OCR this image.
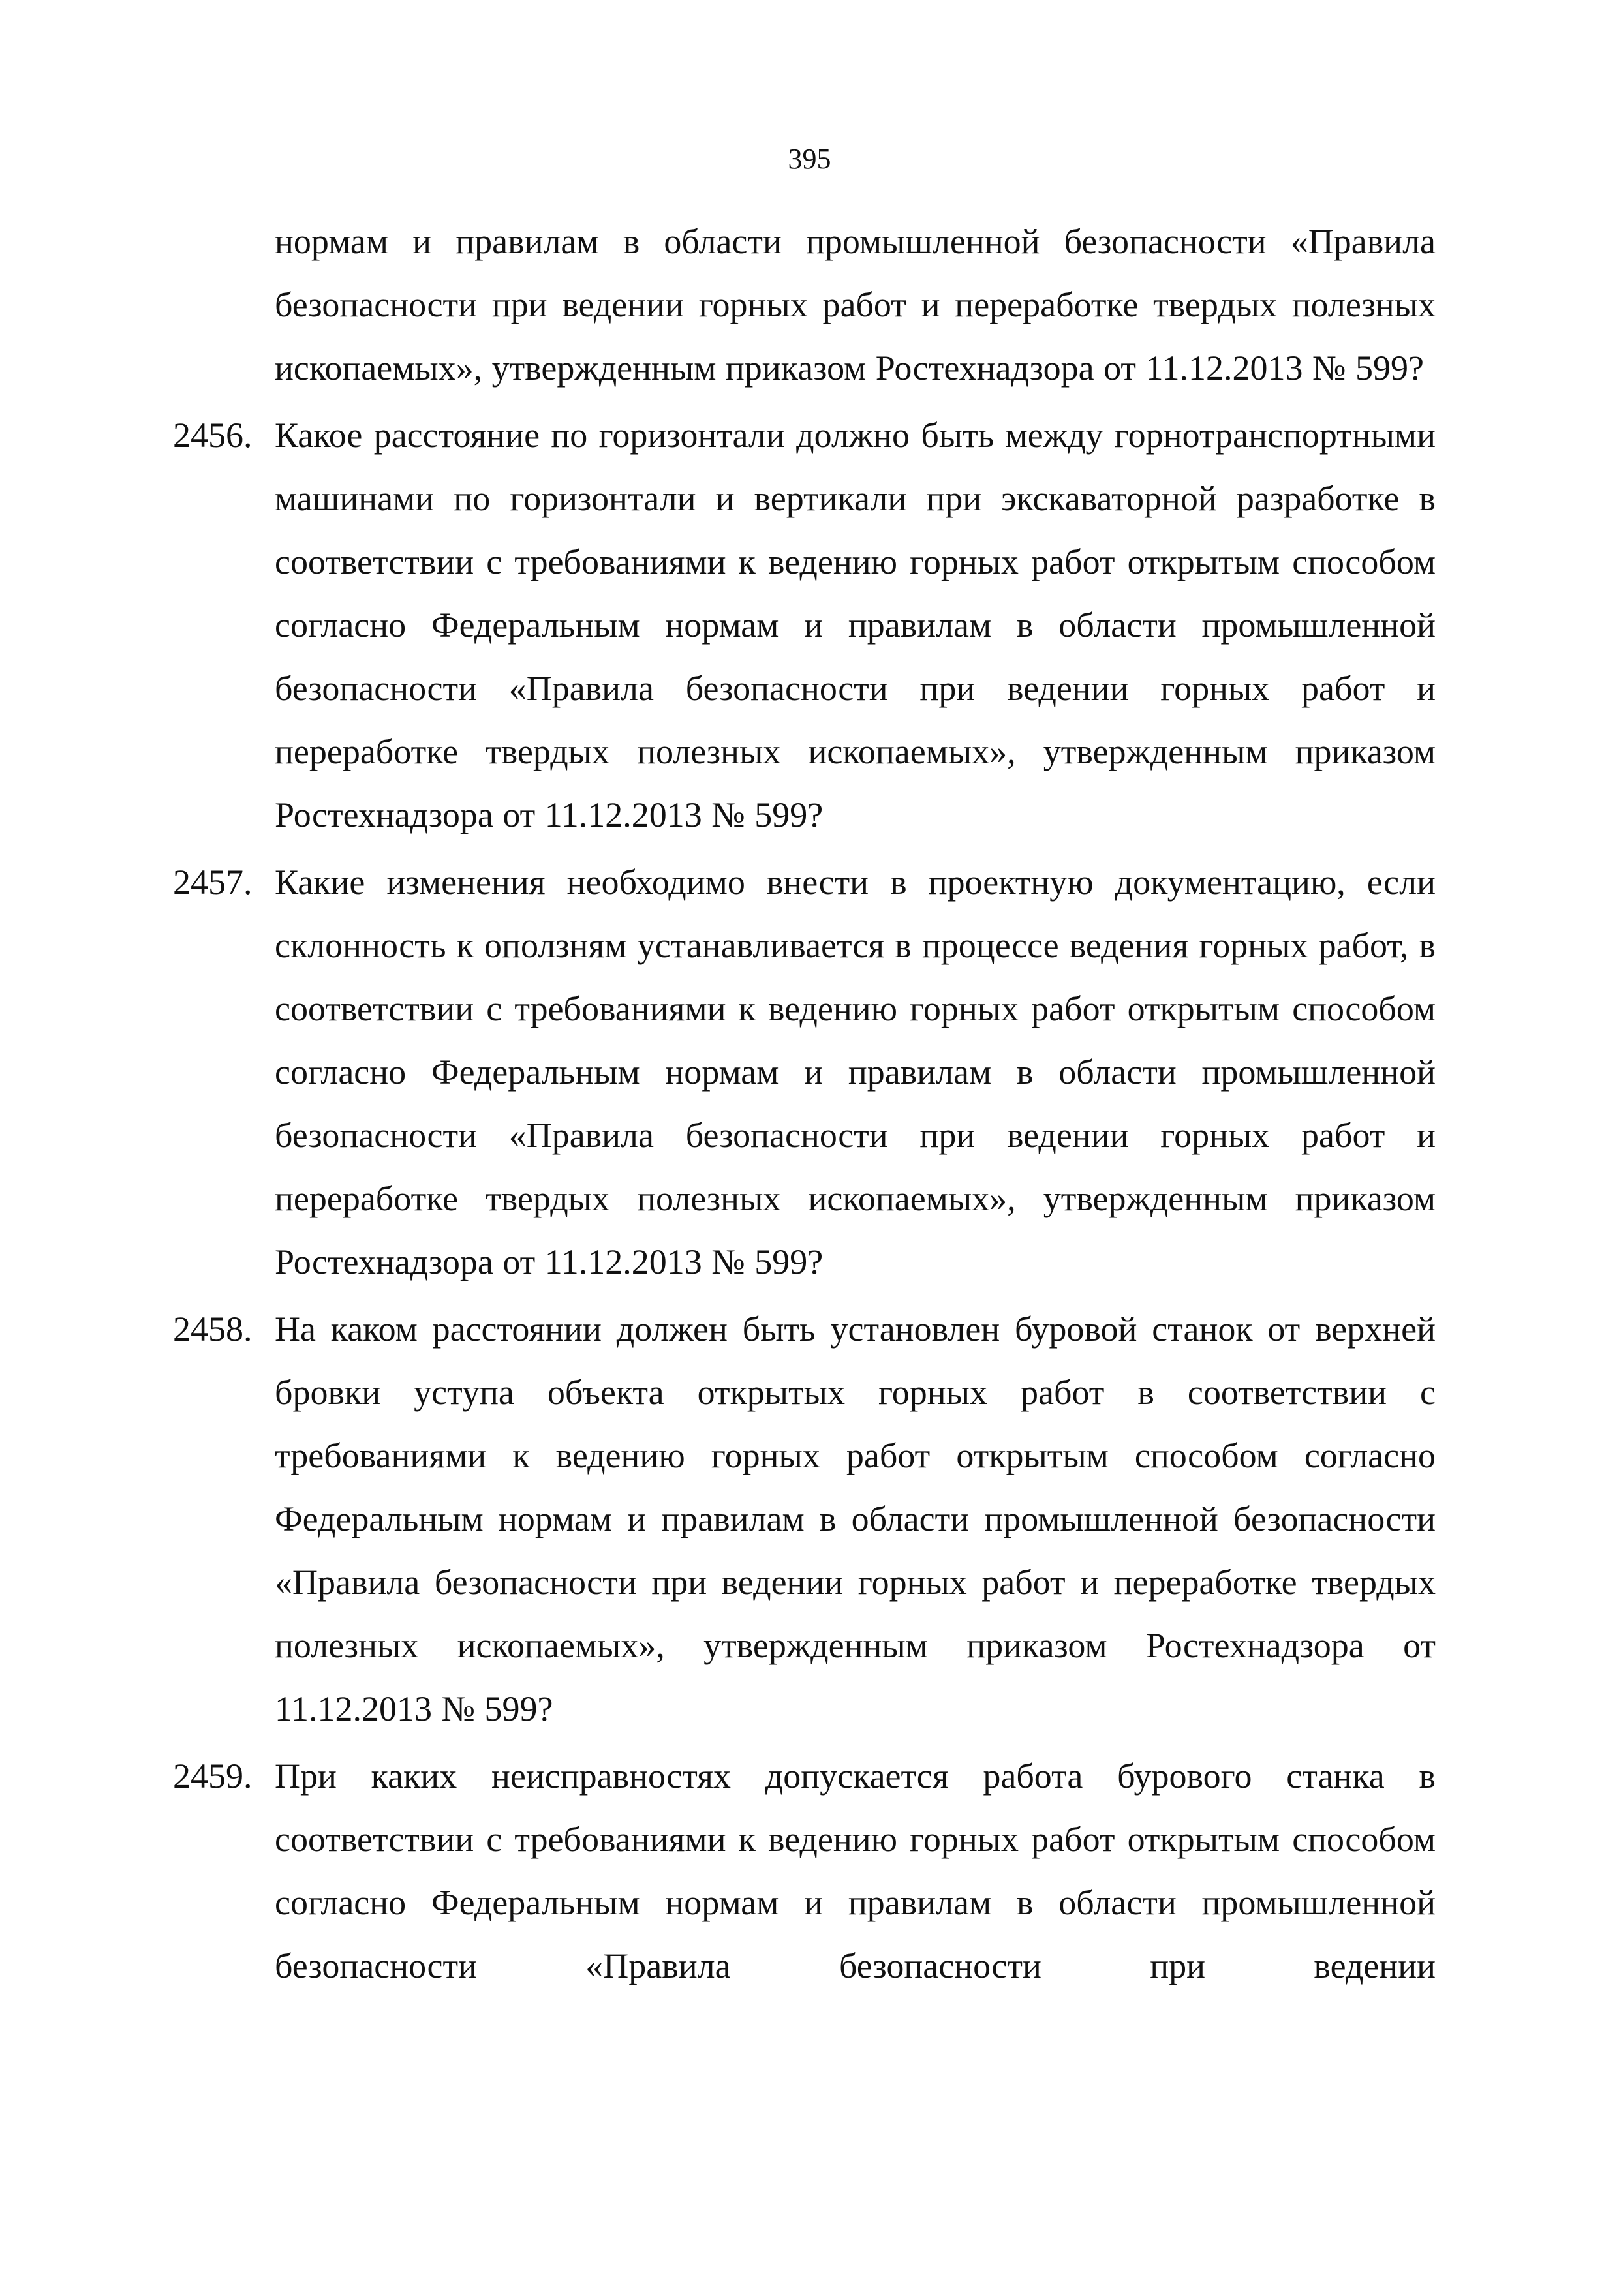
395
нормам и правилам в области промышленной безопасности «Правила безопасности при ведении горных работ и переработке твердых полезных ископаемых», утвержденным приказом Ростехнадзора от 11.12.2013 № 599?
2456. Какое расстояние по горизонтали должно быть между горнотранспортными машинами по горизонтали и вертикали при экскаваторной разработке в соответствии с требованиями к ведению горных работ открытым способом согласно Федеральным нормам и правилам в области промышленной безопасности «Правила безопасности при ведении горных работ и переработке твердых полезных ископаемых», утвержденным приказом Ростехнадзора от 11.12.2013 № 599?
2457. Какие изменения необходимо внести в проектную документацию, если склонность к оползням устанавливается в процессе ведения горных работ, в соответствии с требованиями к ведению горных работ открытым способом согласно Федеральным нормам и правилам в области промышленной безопасности «Правила безопасности при ведении горных работ и переработке твердых полезных ископаемых», утвержденным приказом Ростехнадзора от 11.12.2013 № 599?
2458. На каком расстоянии должен быть установлен буровой станок от верхней бровки уступа объекта открытых горных работ в соответствии с требованиями к ведению горных работ открытым способом согласно Федеральным нормам и правилам в области промышленной безопасности «Правила безопасности при ведении горных работ и переработке твердых полезных ископаемых», утвержденным приказом Ростехнадзора от 11.12.2013 № 599?
2459. При каких неисправностях допускается работа бурового станка в соответствии с требованиями к ведению горных работ открытым способом согласно Федеральным нормам и правилам в области промышленной безопасности «Правила безопасности при ведении
